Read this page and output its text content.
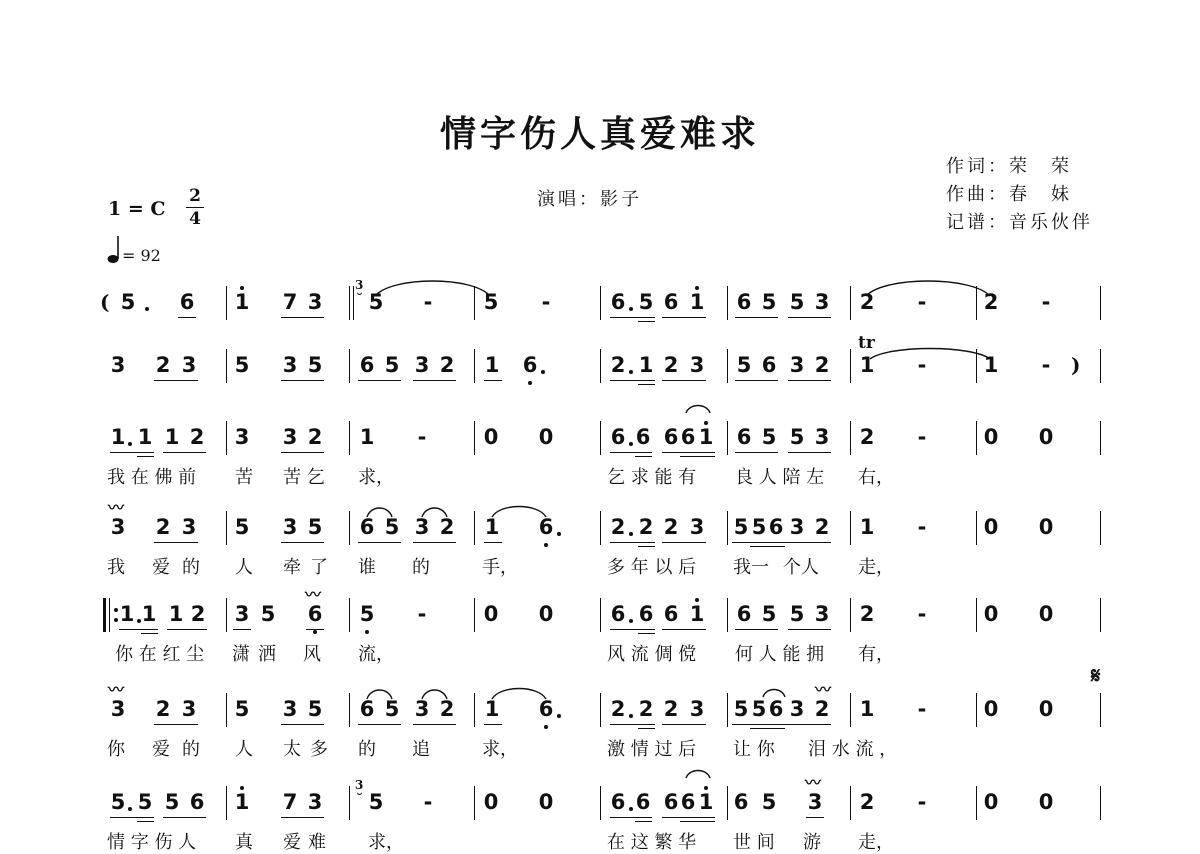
情字伤人真爱难求
作词：荣　荣
作曲：春　妹
记谱：音乐伙伴
演唱：影子
1 = C
2
4
= 92
( 5 6 1 7 3
3
˘ 5 - 5 -	6 5 6 1 6 5 5 3 2 -	2 -
3 2 3 5 3 5 6 5 3 2 1 6	2 1 2 3 5 6 3 2
tr
1 -	1 - )
1 1 1 2 3 3 2 1 -	0 0	6 6 6 6 1 6 5 5 3 2 -	0 0
我 在 佛 前 苦 苦 乞 求，	乞 求 能 有 良 人 陪 左 右，
〰
3 2 3 5 3 5 6 5 3 2 1 6	2 2 2 3 5 5 6 3 2 1 -	0 0
我 爱 的 人 牵 了 谁 的	手，	多 年 以 后 我一 个人 走，
1 1 1 2 3 5 6
〰
5 -	0 0	6 6 6 1 6 5 5 3 2 -	0 0
你 在 红 尘 潇 洒 风 流，	风 流 倜 傥 何 人 能 拥 有，
〰
3 2 3 5 3 5 6 5 3 2 1 6	2 2 2 3 5 5 6 3 2
〰
1 -	0 0
𝄋
你 爱 的 人 太 多 的 追	求，	激 情 过 后 让 你 泪 水 流 ，
5 5 5 6 1 7 3
3
˘ 5 - 0 0	6 6 6 6 1 6 5 3
〰
2 -	0 0
情 字 伤 人 真 爱 难 求，	在 这 繁 华 世 间 游 走，
